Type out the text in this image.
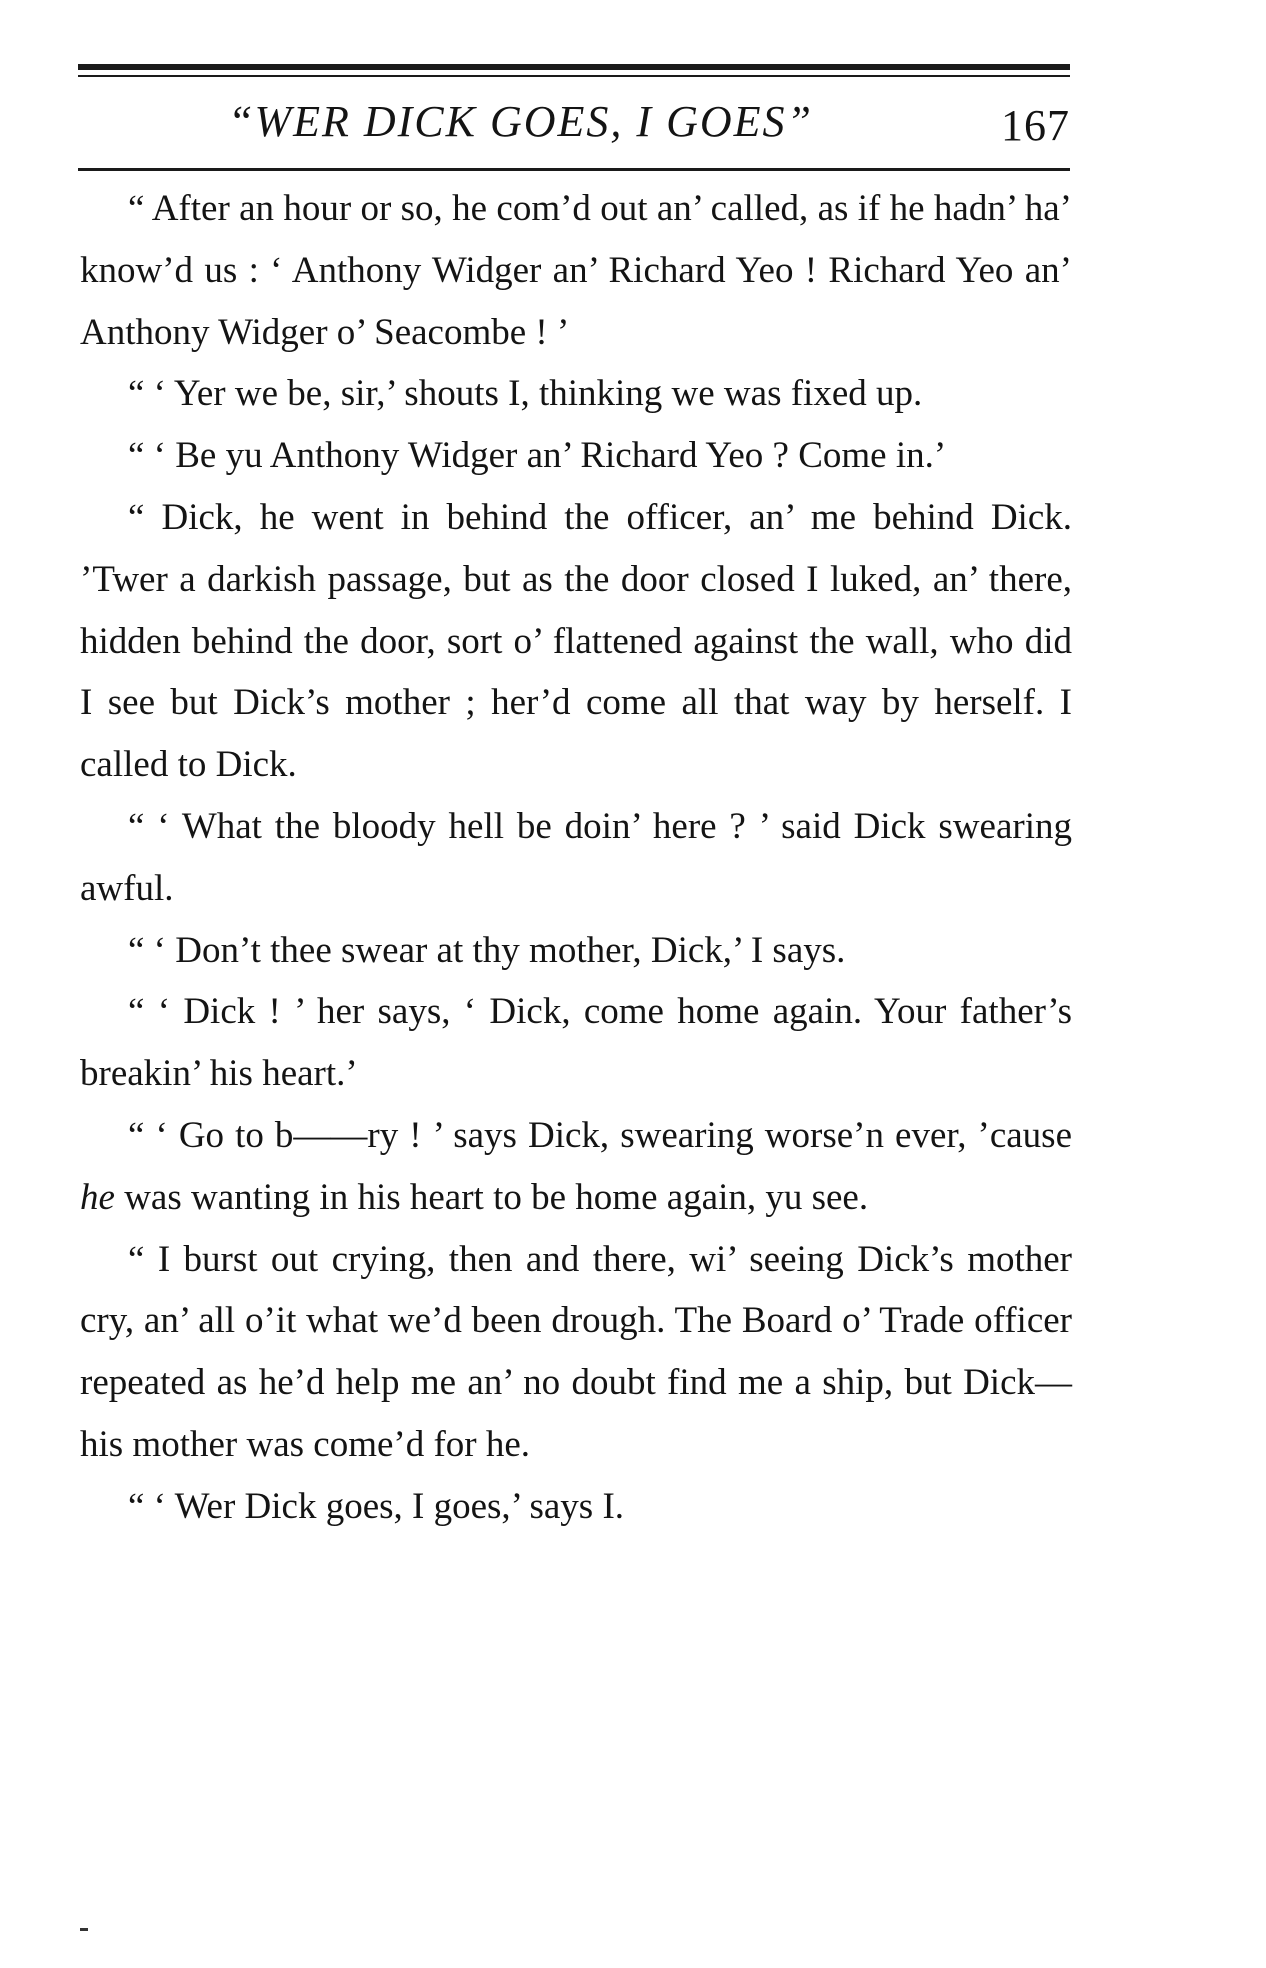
“WER DICK GOES, I GOES”	167

“ After an hour or so, he com’d out an’ called, as if he hadn’ ha’ know’d us : ‘ Anthony Widger an’ Richard Yeo ! Richard Yeo an’ Anthony Widger o’ Seacombe ! ’

“ ‘ Yer we be, sir,’ shouts I, thinking we was fixed up.

“ ‘ Be yu Anthony Widger an’ Richard Yeo ? Come in.’

“ Dick, he went in behind the officer, an’ me behind Dick. ’Twer a darkish passage, but as the door closed I luked, an’ there, hidden behind the door, sort o’ flattened against the wall, who did I see but Dick’s mother ; her’d come all that way by herself. I called to Dick.

“ ‘ What the bloody hell be doin’ here ? ’ said Dick swearing awful.

“ ‘ Don’t thee swear at thy mother, Dick,’ I says.

“ ‘ Dick ! ’ her says, ‘ Dick, come home again. Your father’s breakin’ his heart.’

“ ‘ Go to b——ry ! ’ says Dick, swearing worse’n ever, ’cause he was wanting in his heart to be home again, yu see.

“ I burst out crying, then and there, wi’ seeing Dick’s mother cry, an’ all o’it what we’d been drough. The Board o’ Trade officer repeated as he’d help me an’ no doubt find me a ship, but Dick—his mother was come’d for he.

“ ‘ Wer Dick goes, I goes,’ says I.
